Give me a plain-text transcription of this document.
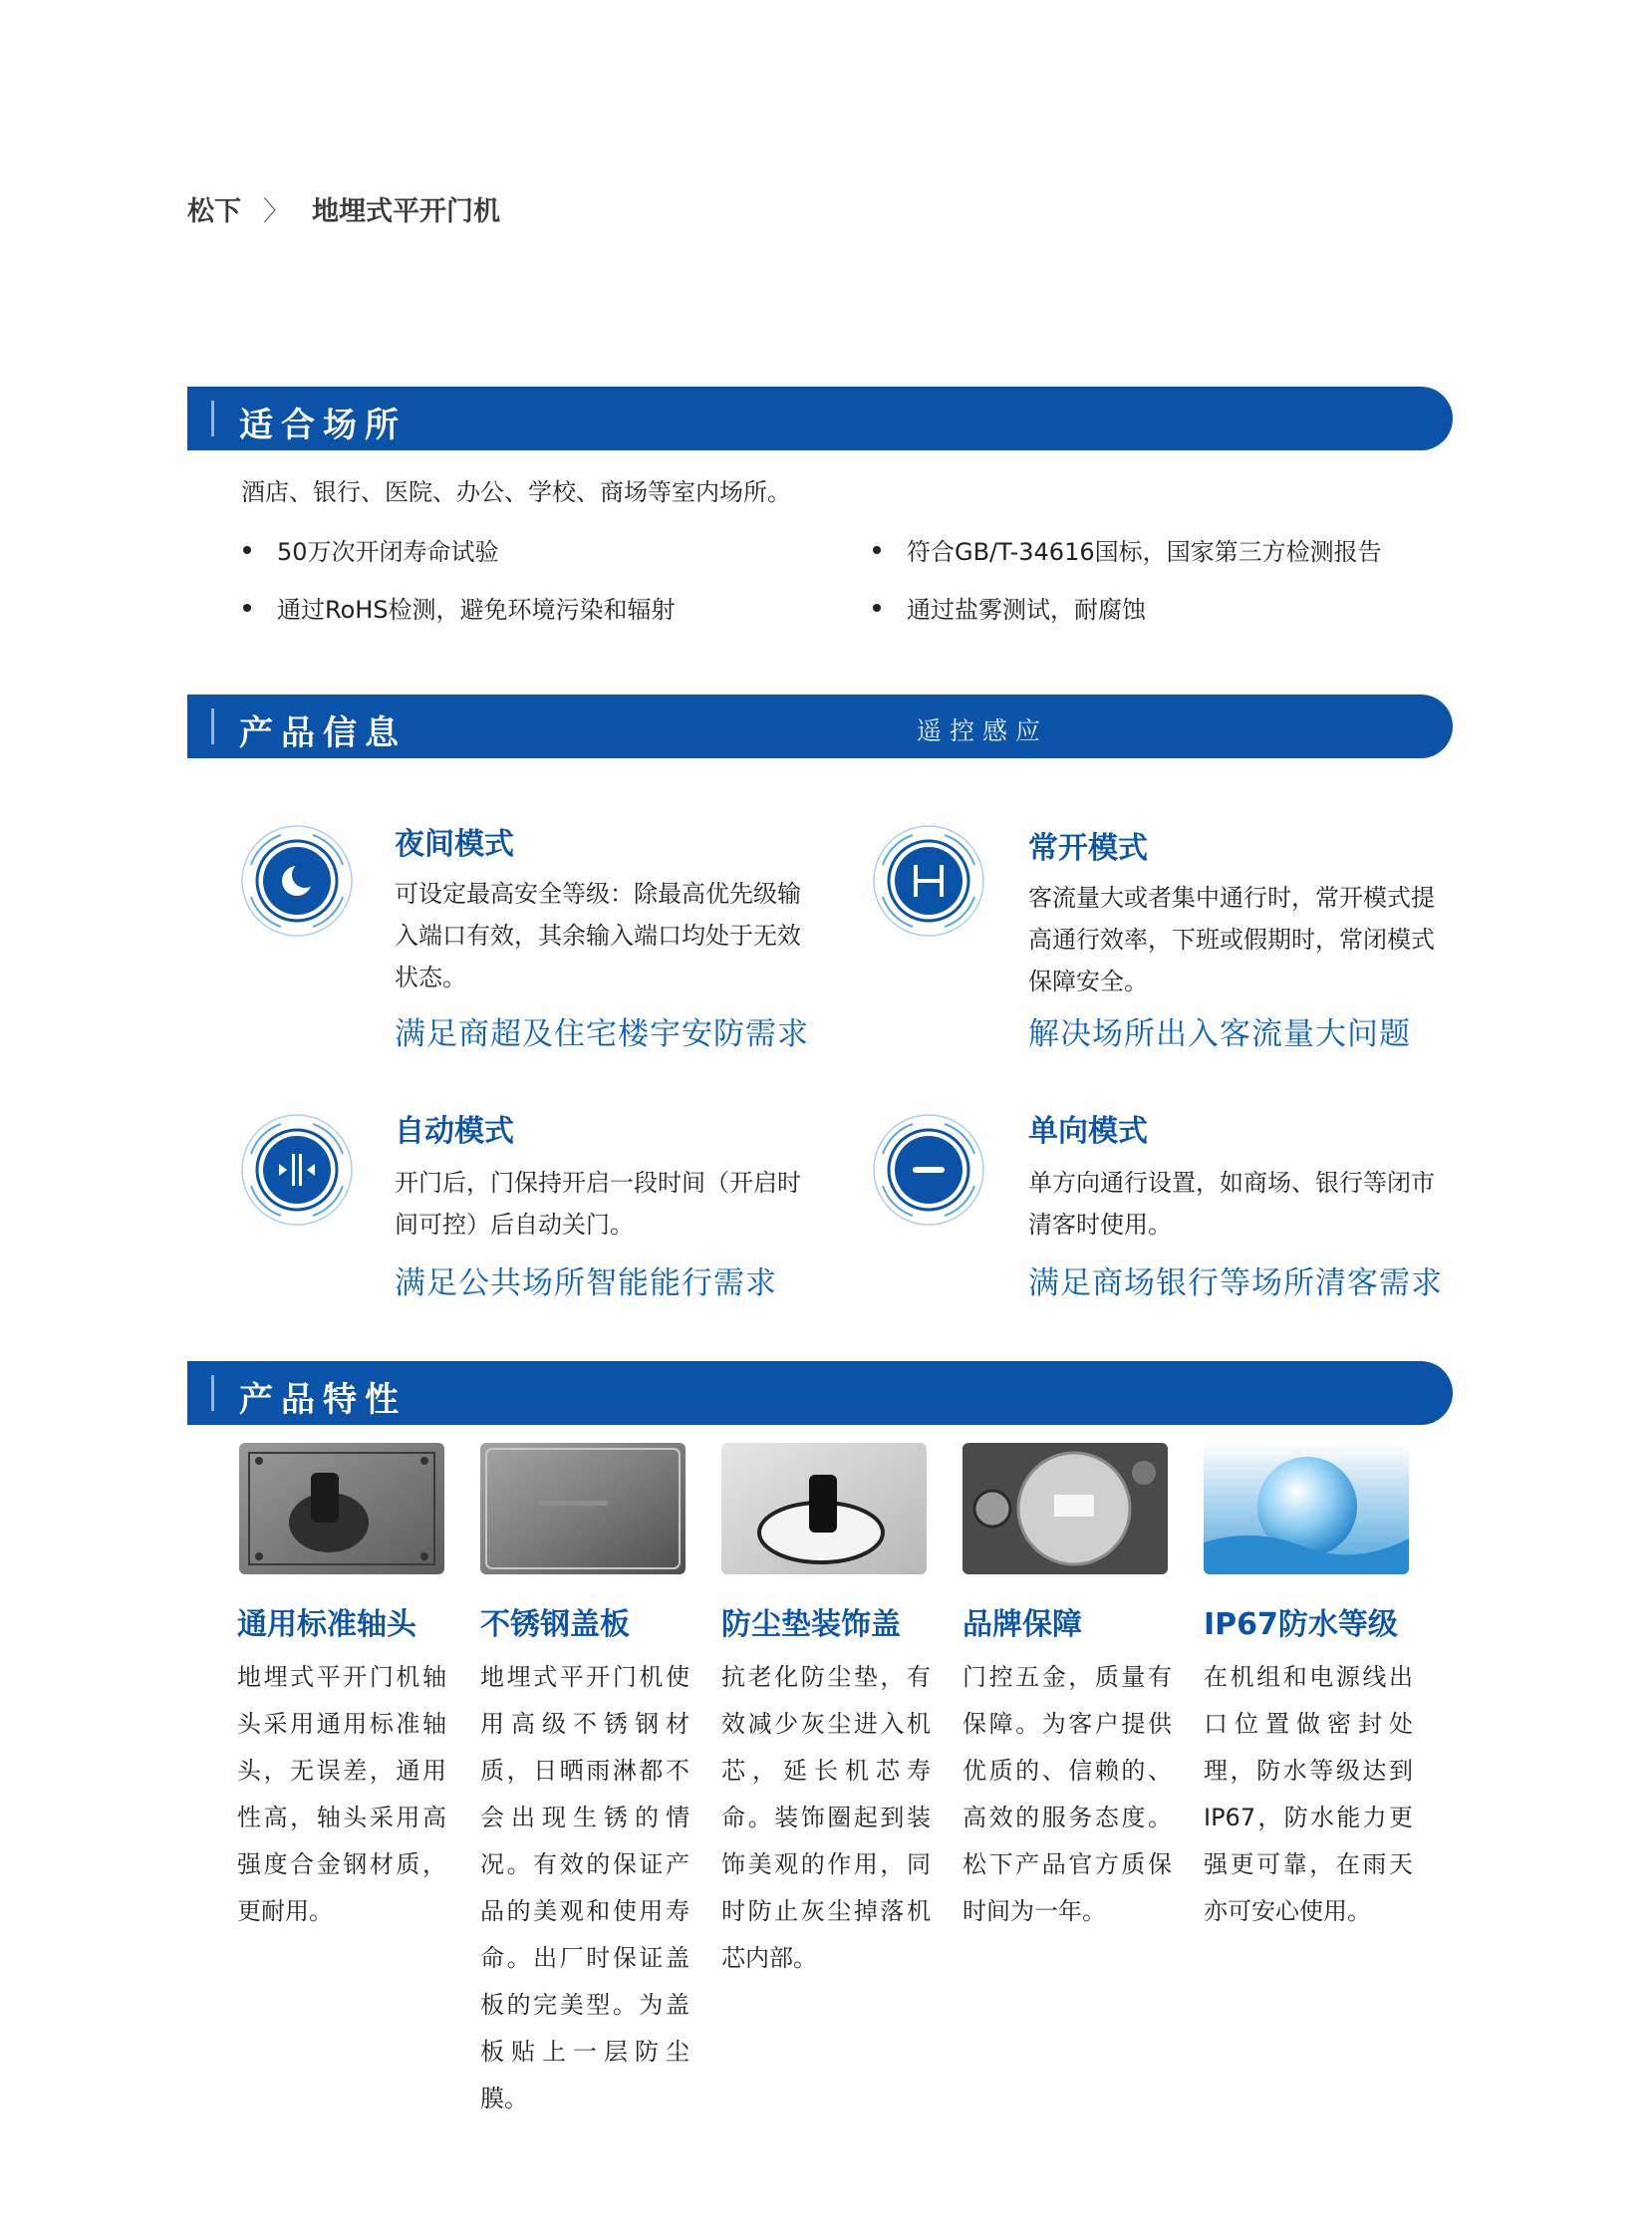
松下 〉 地埋式平开门机
适合场所
酒店、银行、医院、办公、学校、商场等室内场所。
50万次开闭寿命试验	符合GB/T-34616国标，国家第三方检测报告
通过RoHS检测，避免环境污染和辐射	通过盐雾测试，耐腐蚀
产品信息	遥控感应
夜间模式
可设定最高安全等级：除最高优先级输入端口有效，其余输入端口均处于无效状态。
满足商超及住宅楼宇安防需求
常开模式
客流量大或者集中通行时，常开模式提高通行效率，下班或假期时，常闭模式保障安全。
解决场所出入客流量大问题
自动模式
开门后，门保持开启一段时间（开启时间可控）后自动关门。
满足公共场所智能能行需求
单向模式
单方向通行设置，如商场、银行等闭市清客时使用。
满足商场银行等场所清客需求
产品特性
通用标准轴头 不锈钢盖板	防尘垫装饰盖 品牌保障	IP67防水等级
地埋式平开门机轴头采用通用标准轴头，无误差，通用性高，轴头采用高强度合金钢材质，更耐用。
地埋式平开门机使用高级不锈钢材质，日晒雨淋都不会出现生锈的情况。有效的保证产品的美观和使用寿命。出厂时保证盖板的完美型。为盖板贴上一层防尘膜。
抗老化防尘垫，有效减少灰尘进入机芯，延长机芯寿命。装饰圈起到装饰美观的作用，同时防止灰尘掉落机芯内部。
门控五金，质量有保障。为客户提供优质的、信赖的、高效的服务态度。松下产品官方质保时间为一年。
在机组和电源线出口位置做密封处理，防水等级达到IP67，防水能力更强更可靠，在雨天亦可安心使用。
